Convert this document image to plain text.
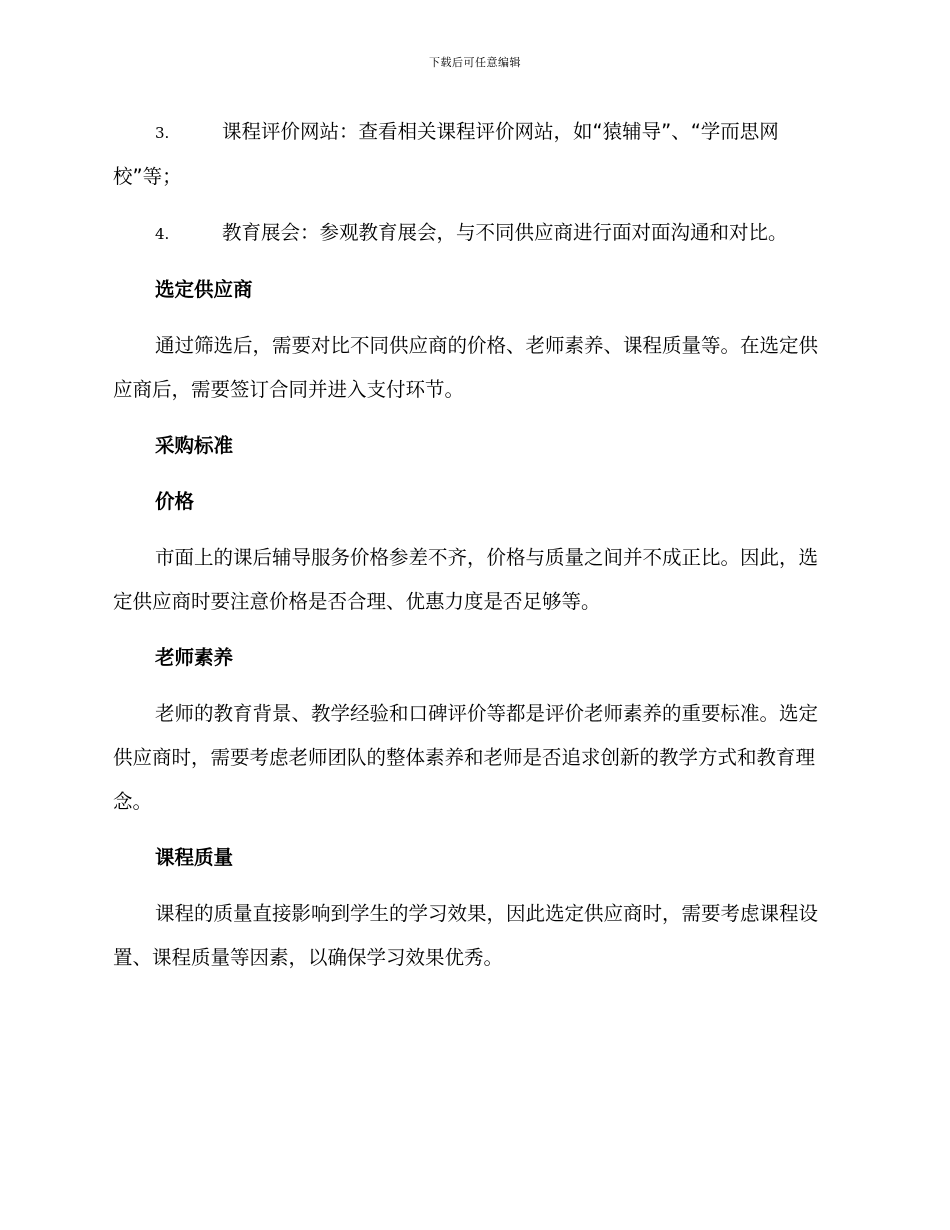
下载后可任意编辑

3.	课程评价网站：查看相关课程评价网站，如“猿辅导”、“学而思网校”等；

4.	教育展会：参观教育展会，与不同供应商进行面对面沟通和对比。

选定供应商

通过筛选后，需要对比不同供应商的价格、老师素养、课程质量等。在选定供应商后，需要签订合同并进入支付环节。

采购标准

价格

市面上的课后辅导服务价格参差不齐，价格与质量之间并不成正比。因此，选定供应商时要注意价格是否合理、优惠力度是否足够等。

老师素养

老师的教育背景、教学经验和口碑评价等都是评价老师素养的重要标准。选定供应商时，需要考虑老师团队的整体素养和老师是否追求创新的教学方式和教育理念。

课程质量

课程的质量直接影响到学生的学习效果，因此选定供应商时，需要考虑课程设置、课程质量等因素，以确保学习效果优秀。
